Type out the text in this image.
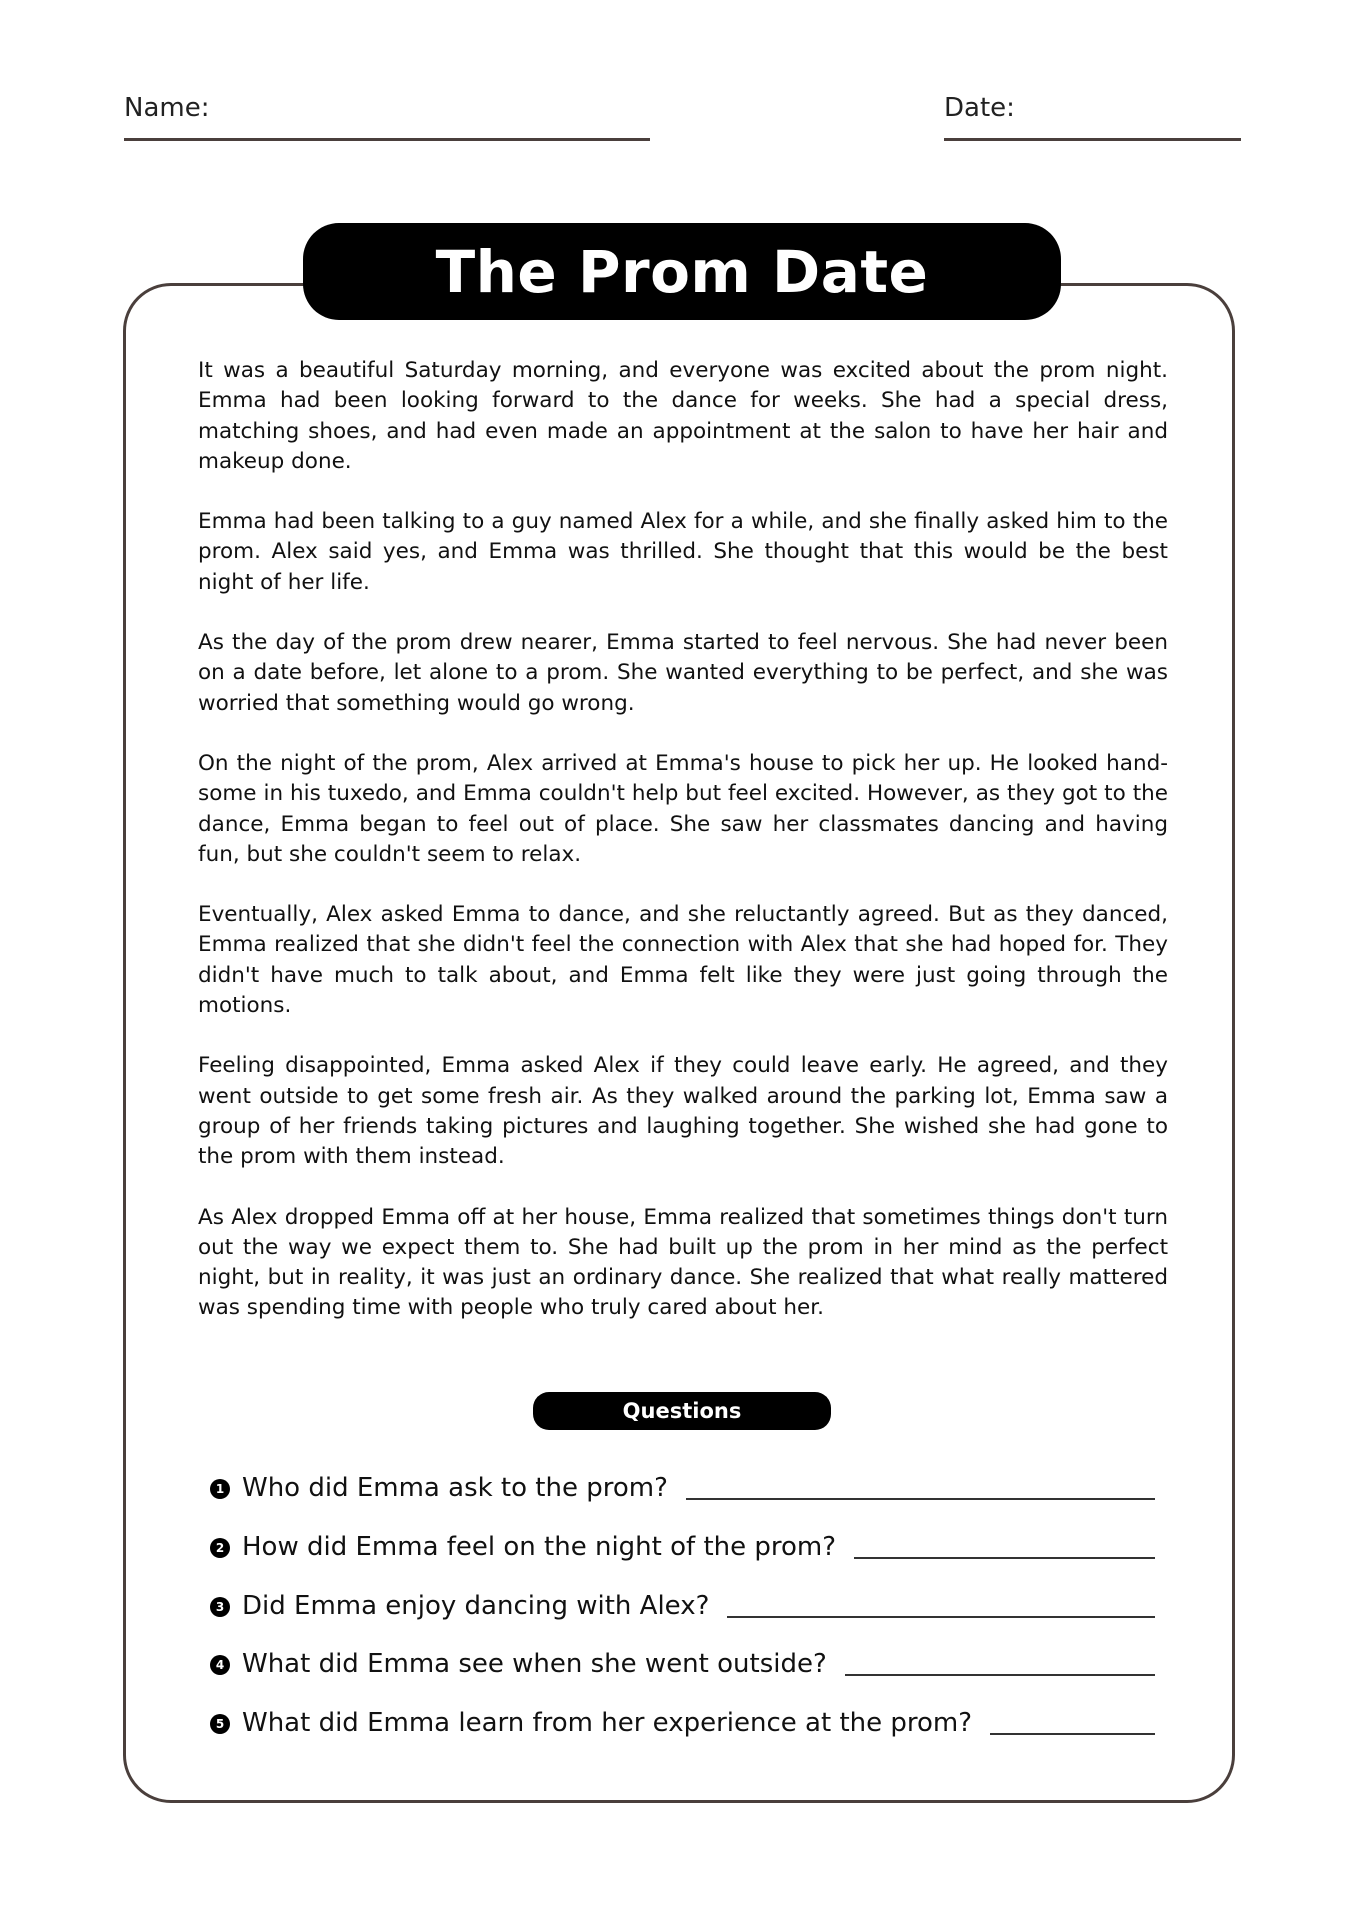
Name:	Date:
The Prom Date

It was a beautiful Saturday morning, and everyone was excited about the prom night. Emma had been looking forward to the dance for weeks. She had a special dress, matching shoes, and had even made an appointment at the salon to have her hair and makeup done.

Emma had been talking to a guy named Alex for a while, and she finally asked him to the prom. Alex said yes, and Emma was thrilled. She thought that this would be the best night of her life.

As the day of the prom drew nearer, Emma started to feel nervous. She had never been on a date before, let alone to a prom. She wanted everything to be perfect, and she was worried that something would go wrong.

On the night of the prom, Alex arrived at Emma's house to pick her up. He looked hand-some in his tuxedo, and Emma couldn't help but feel excited. However, as they got to the dance, Emma began to feel out of place. She saw her classmates dancing and having fun, but she couldn't seem to relax.

Eventually, Alex asked Emma to dance, and she reluctantly agreed. But as they danced, Emma realized that she didn't feel the connection with Alex that she had hoped for. They didn't have much to talk about, and Emma felt like they were just going through the motions.

Feeling disappointed, Emma asked Alex if they could leave early. He agreed, and they went outside to get some fresh air. As they walked around the parking lot, Emma saw a group of her friends taking pictures and laughing together. She wished she had gone to the prom with them instead.

As Alex dropped Emma off at her house, Emma realized that sometimes things don't turn out the way we expect them to. She had built up the prom in her mind as the perfect night, but in reality, it was just an ordinary dance. She realized that what really mattered was spending time with people who truly cared about her.

Questions
1 Who did Emma ask to the prom?
2 How did Emma feel on the night of the prom?
3 Did Emma enjoy dancing with Alex?
4 What did Emma see when she went outside?
5 What did Emma learn from her experience at the prom?
